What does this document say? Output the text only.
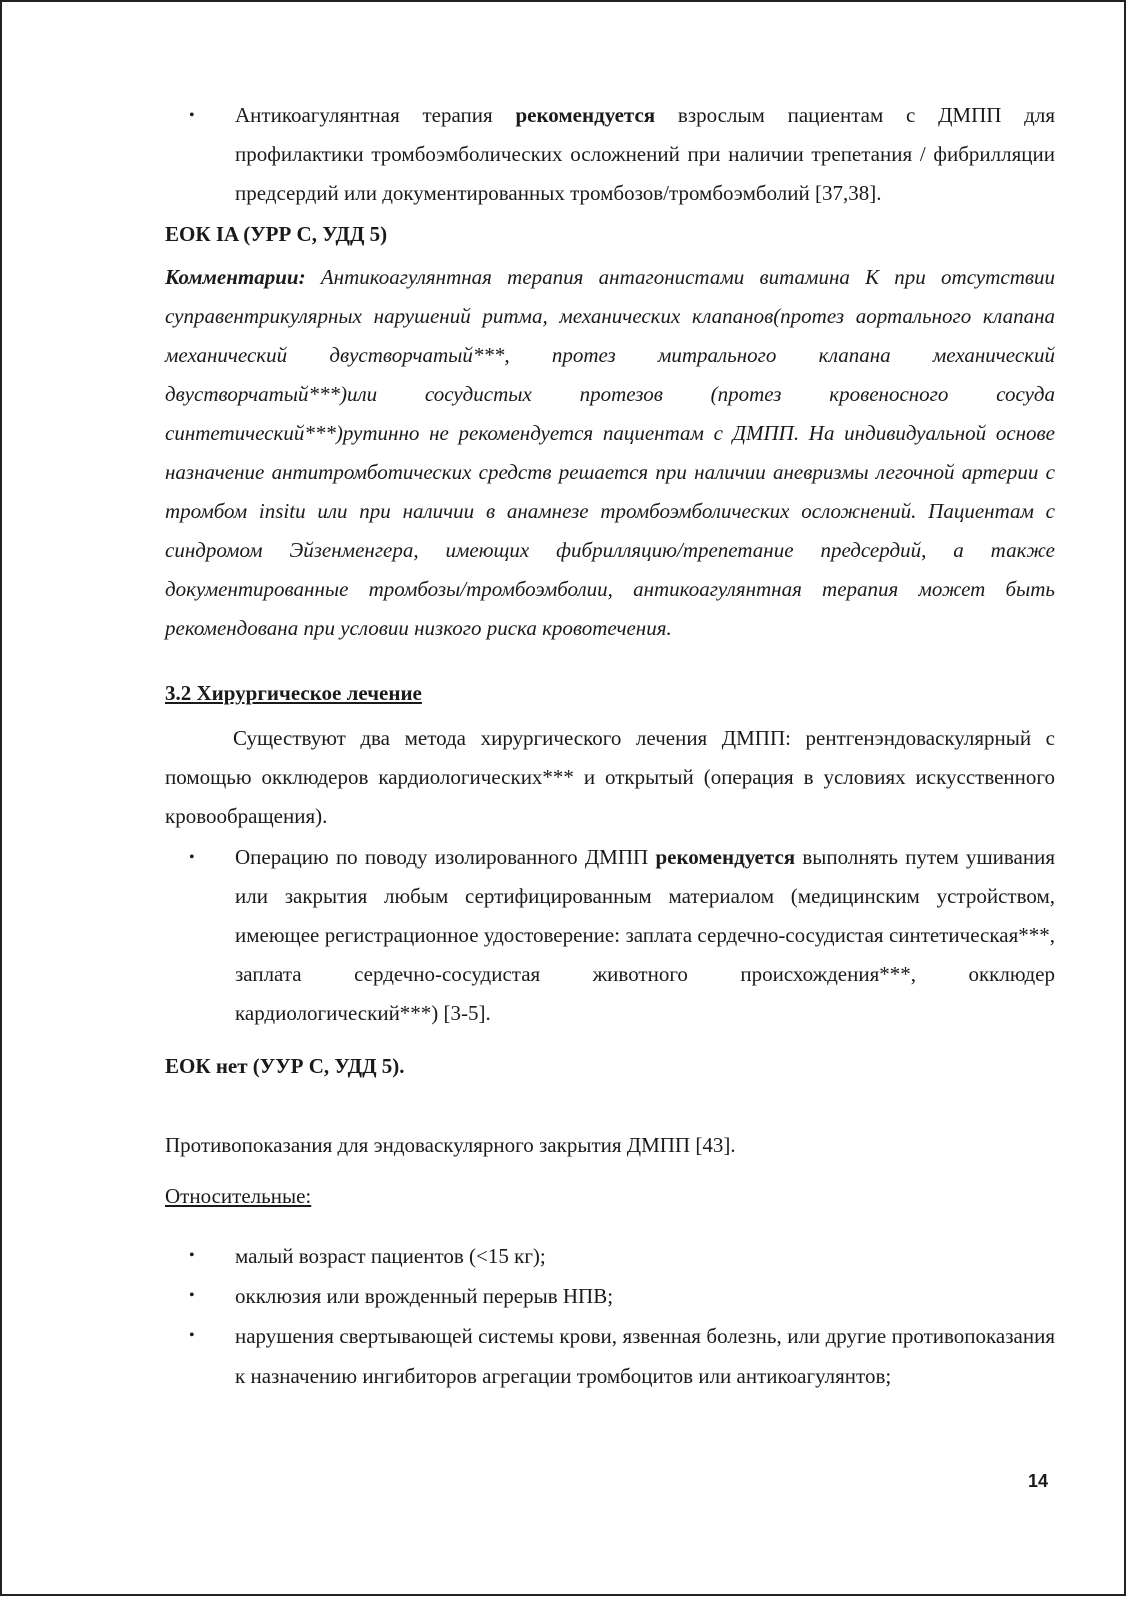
• Антикоагулянтная терапия рекомендуется взрослым пациентам с ДМПП для профилактики тромбоэмболических осложнений при наличии трепетания / фибрилляции предсердий или документированных тромбозов/тромбоэмболий [37,38].
ЕОК IA (УРР С, УДД 5)
Комментарии: Антикоагулянтная терапия антагонистами витамина К при отсутствии суправентрикулярных нарушений ритма, механических клапанов(протез аортального клапана механический двустворчатый***, протез митрального клапана механический двустворчатый***)или сосудистых протезов (протез кровеносного сосуда синтетический***)рутинно не рекомендуется пациентам с ДМПП. На индивидуальной основе назначение антитромботических средств решается при наличии аневризмы легочной артерии с тромбом insitu или при наличии в анамнезе тромбоэмболических осложнений. Пациентам с синдромом Эйзенменгера, имеющих фибрилляцию/трепетание предсердий, а также документированные тромбозы/тромбоэмболии, антикоагулянтная терапия может быть рекомендована при условии низкого риска кровотечения.
3.2 Хирургическое лечение
Существуют два метода хирургического лечения ДМПП: рентгенэндоваскулярный с помощью окклюдеров кардиологических*** и открытый (операция в условиях искусственного кровообращения).
• Операцию по поводу изолированного ДМПП рекомендуется выполнять путем ушивания или закрытия любым сертифицированным материалом (медицинским устройством, имеющее регистрационное удостоверение: заплата сердечно-сосудистая синтетическая***, заплата сердечно-сосудистая животного происхождения***, окклюдер кардиологический***) [3-5].
ЕОК нет (УУР С, УДД 5).
Противопоказания для эндоваскулярного закрытия ДМПП [43].
Относительные:
• малый возраст пациентов (<15 кг);
• окклюзия или врожденный перерыв НПВ;
• нарушения свертывающей системы крови, язвенная болезнь, или другие противопоказания к назначению ингибиторов агрегации тромбоцитов или антикоагулянтов;
14
